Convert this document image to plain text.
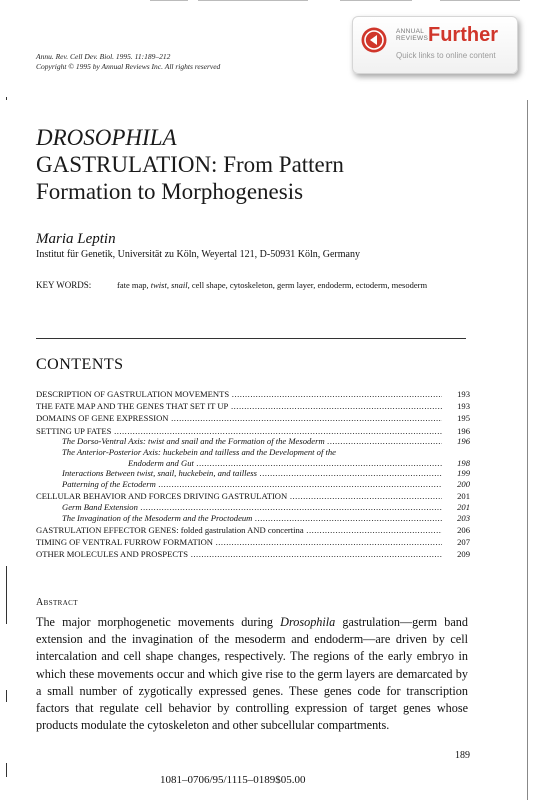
Annu. Rev. Cell Dev. Biol. 1995. 11:189–212
Copyright © 1995 by Annual Reviews Inc. All rights reserved
ANNUAL
REVIEWS Further
Quick links to online content
DROSOPHILA
GASTRULATION: From Pattern
Formation to Morphogenesis
Maria Leptin
Institut für Genetik, Universität zu Köln, Weyertal 121, D-50931 Köln, Germany
KEY WORDS:	fate map, twist, snail, cell shape, cytoskeleton, germ layer, endoderm, ectoderm, mesoderm
CONTENTS
DESCRIPTION OF GASTRULATION MOVEMENTS .....	193
THE FATE MAP AND THE GENES THAT SET IT UP .....	193
DOMAINS OF GENE EXPRESSION .....	195
SETTING UP FATES .....	196
The Dorso-Ventral Axis: twist and snail and the Formation of the Mesoderm .....	196
The Anterior-Posterior Axis: huckebein and tailless and the Development of the
Endoderm and Gut .....	198
Interactions Between twist, snail, huckebein, and tailless .....	199
Patterning of the Ectoderm .....	200
CELLULAR BEHAVIOR AND FORCES DRIVING GASTRULATION .....	201
Germ Band Extension .....	201
The Invagination of the Mesoderm and the Proctodeum .....	203
GASTRULATION EFFECTOR GENES: folded gastrulation AND concertina .....	206
TIMING OF VENTRAL FURROW FORMATION .....	207
OTHER MOLECULES AND PROSPECTS .....	209
Abstract
The major morphogenetic movements during Drosophila gastrulation—germ band extension and the invagination of the mesoderm and endoderm—are driven by cell intercalation and cell shape changes, respectively. The regions of the early embryo in which these movements occur and which give rise to the germ layers are demarcated by a small number of zygotically expressed genes. These genes code for transcription factors that regulate cell behavior by controlling expression of target genes whose products modulate the cytoskeleton and other subcellular compartments.
189
1081–0706/95/1115–0189$05.00
